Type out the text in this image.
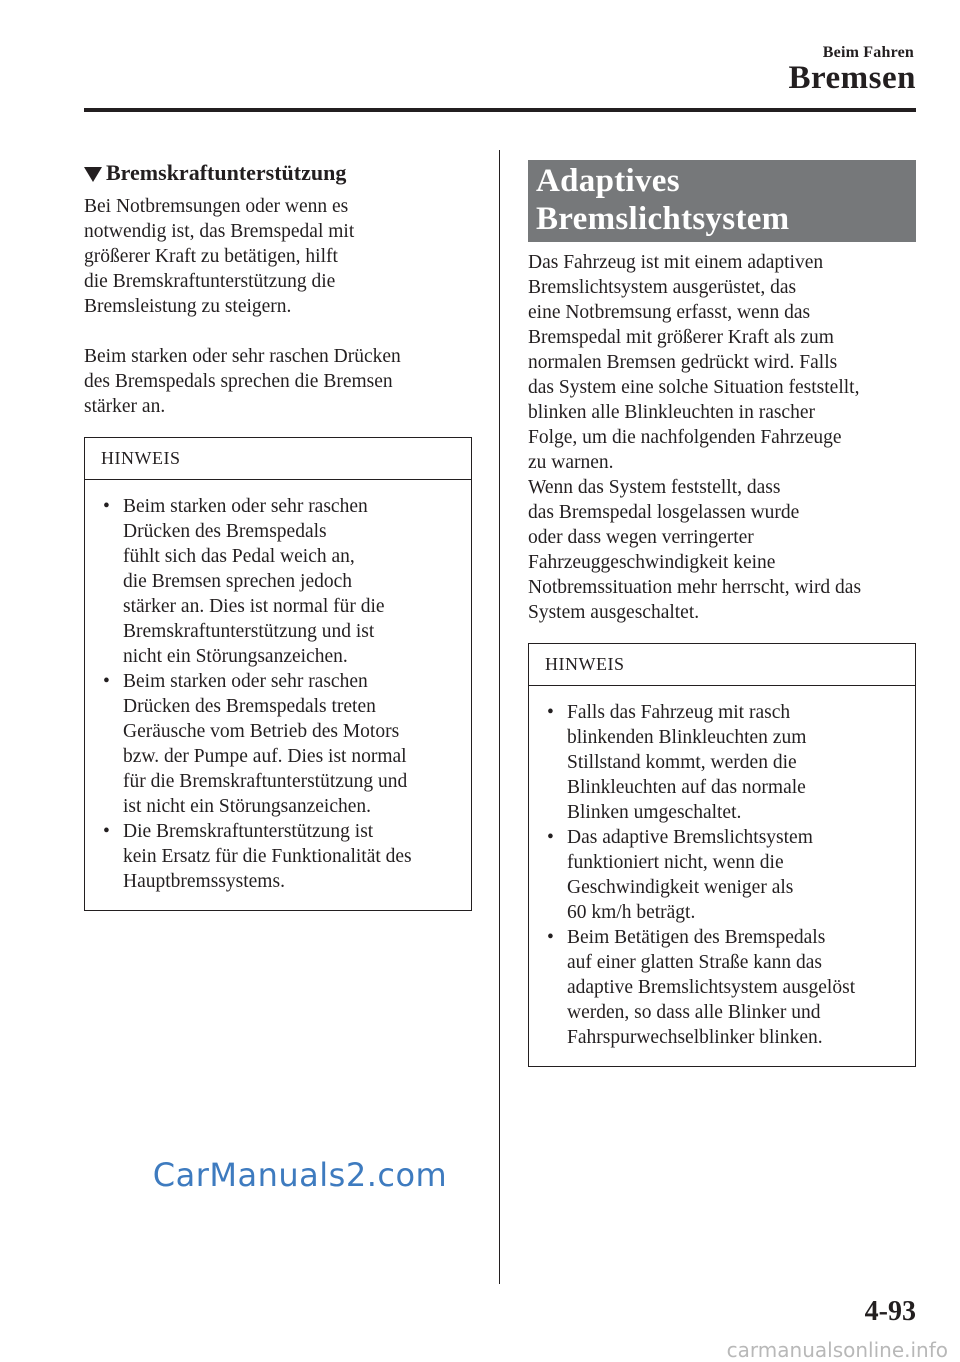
Beim Fahren
Bremsen
Bremskraftunterstützung

Bei Notbremsungen oder wenn es
notwendig ist, das Bremspedal mit
größerer Kraft zu betätigen, hilft
die Bremskraftunterstützung die
Bremsleistung zu steigern.

Beim starken oder sehr raschen Drücken
des Bremspedals sprechen die Bremsen
stärker an.

HINWEIS
• Beim starken oder sehr raschen
Drücken des Bremspedals
fühlt sich das Pedal weich an,
die Bremsen sprechen jedoch
stärker an. Dies ist normal für die
Bremskraftunterstützung und ist
nicht ein Störungsanzeichen.
• Beim starken oder sehr raschen
Drücken des Bremspedals treten
Geräusche vom Betrieb des Motors
bzw. der Pumpe auf. Dies ist normal
für die Bremskraftunterstützung und
ist nicht ein Störungsanzeichen.
• Die Bremskraftunterstützung ist
kein Ersatz für die Funktionalität des
Hauptbremssystems.
Adaptives
Bremslichtsystem

Das Fahrzeug ist mit einem adaptiven
Bremslichtsystem ausgerüstet, das
eine Notbremsung erfasst, wenn das
Bremspedal mit größerer Kraft als zum
normalen Bremsen gedrückt wird. Falls
das System eine solche Situation feststellt,
blinken alle Blinkleuchten in rascher
Folge, um die nachfolgenden Fahrzeuge
zu warnen.
Wenn das System feststellt, dass
das Bremspedal losgelassen wurde
oder dass wegen verringerter
Fahrzeuggeschwindigkeit keine
Notbremssituation mehr herrscht, wird das
System ausgeschaltet.

HINWEIS
• Falls das Fahrzeug mit rasch
blinkenden Blinkleuchten zum
Stillstand kommt, werden die
Blinkleuchten auf das normale
Blinken umgeschaltet.
• Das adaptive Bremslichtsystem
funktioniert nicht, wenn die
Geschwindigkeit weniger als
60 km/h beträgt.
• Beim Betätigen des Bremspedals
auf einer glatten Straße kann das
adaptive Bremslichtsystem ausgelöst
werden, so dass alle Blinker und
Fahrspurwechselblinker blinken.
CarManuals2.com
4-93
carmanualsonline.info
